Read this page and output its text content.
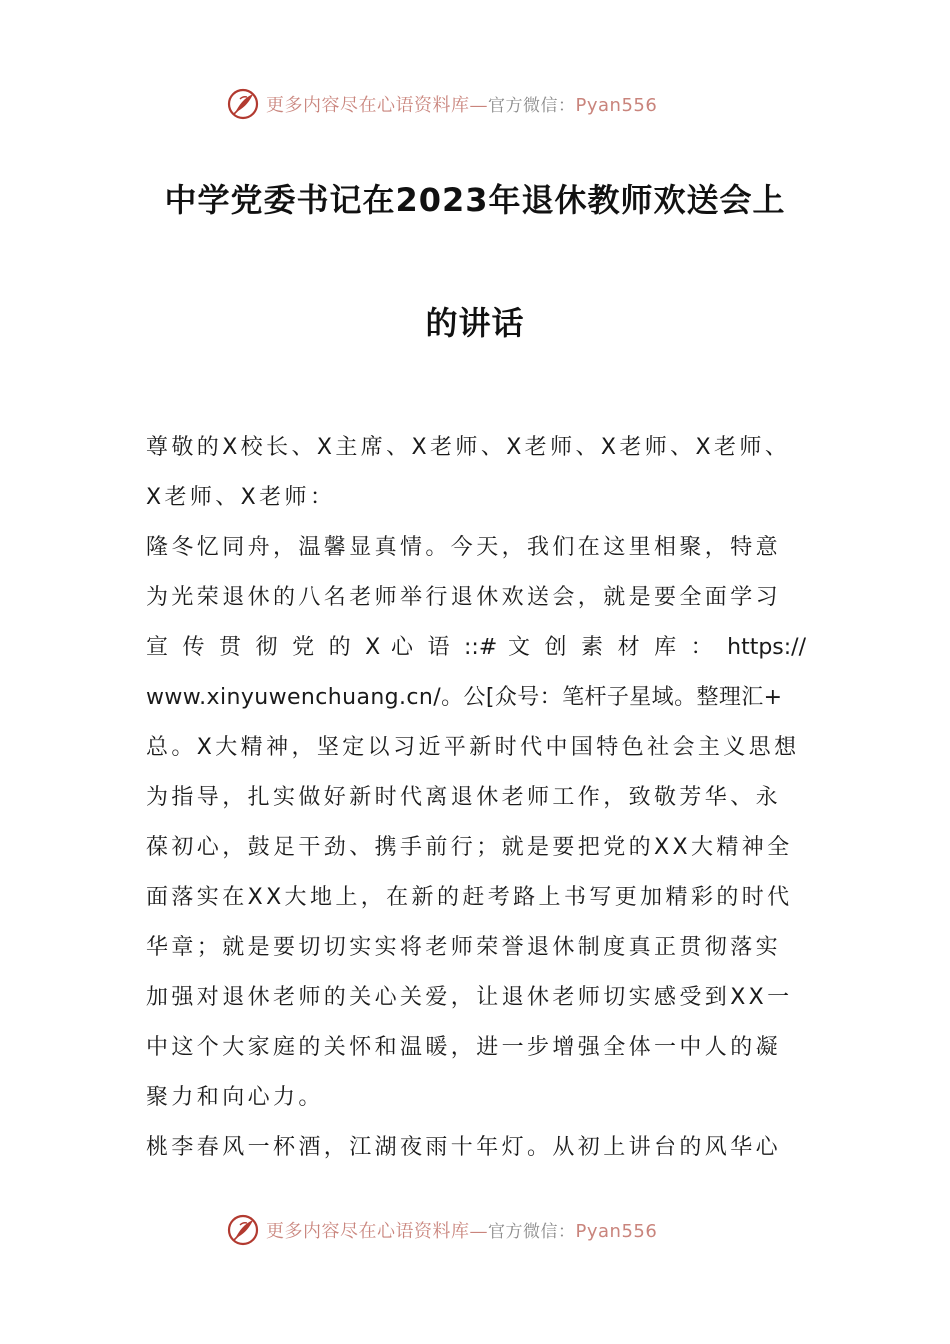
更多内容尽在心语资料库—官方微信：Pyan556
中学党委书记在2023年退休教师欢送会上
的讲话
尊敬的X校长、X主席、X老师、X老师、X老师、X老师、
X老师、X老师：
隆冬忆同舟，温馨显真情。今天，我们在这里相聚，特意
为光荣退休的八名老师举行退休欢送会，就是要全面学习
宣 传 贯 彻 党 的 X 心 语 ::# 文 创 素 材 库 ： https://
www.xinyuwenchuang.cn/。公[众号：笔杆子星域。整理汇+
总。X大精神，坚定以习近平新时代中国特色社会主义思想
为指导，扎实做好新时代离退休老师工作，致敬芳华、永
葆初心，鼓足干劲、携手前行；就是要把党的XX大精神全
面落实在XX大地上，在新的赶考路上书写更加精彩的时代
华章；就是要切切实实将老师荣誉退休制度真正贯彻落实
加强对退休老师的关心关爱，让退休老师切实感受到XX一
中这个大家庭的关怀和温暖，进一步增强全体一中人的凝
聚力和向心力。
桃李春风一杯酒，江湖夜雨十年灯。从初上讲台的风华心
更多内容尽在心语资料库—官方微信：Pyan556
